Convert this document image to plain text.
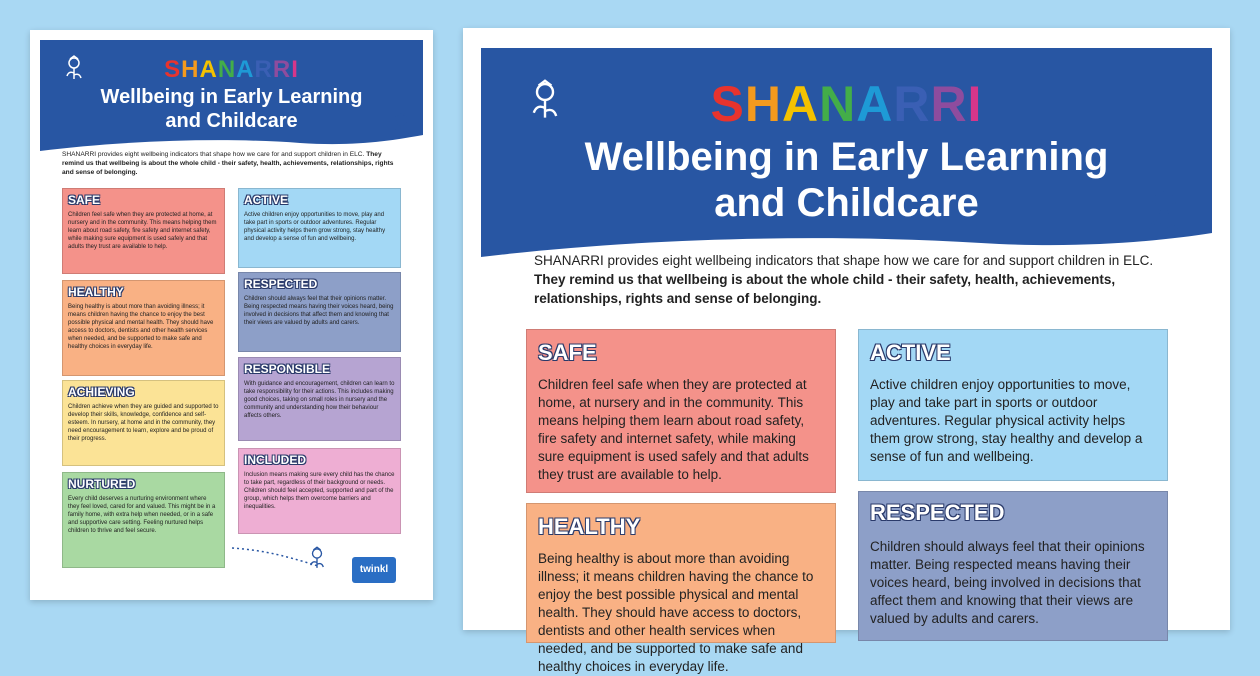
SHANARRI
Wellbeing in Early Learning
and Childcare
SHANARRI provides eight wellbeing indicators that shape how we care for and support children in ELC. They remind us that wellbeing is about the whole child - their safety, health, achievements, relationships, rights and sense of belonging.
SAFE
Children feel safe when they are protected at home, at nursery and in the community. This means helping them learn about road safety, fire safety and internet safety, while making sure equipment is used safely and that adults they trust are available to help.
HEALTHY
Being healthy is about more than avoiding illness; it means children having the chance to enjoy the best possible physical and mental health. They should have access to doctors, dentists and other health services when needed, and be supported to make safe and healthy choices in everyday life.
ACHIEVING
Children achieve when they are guided and supported to develop their skills, knowledge, confidence and self-esteem. In nursery, at home and in the community, they need encouragement to learn, explore and be proud of their progress.
NURTURED
Every child deserves a nurturing environment where they feel loved, cared for and valued. This might be in a family home, with extra help when needed, or in a safe and supportive care setting. Feeling nurtured helps children to thrive and feel secure.
ACTIVE
Active children enjoy opportunities to move, play and take part in sports or outdoor adventures. Regular physical activity helps them grow strong, stay healthy and develop a sense of fun and wellbeing.
RESPECTED
Children should always feel that their opinions matter. Being respected means having their voices heard, being involved in decisions that affect them and knowing that their views are valued by adults and carers.
RESPONSIBLE
With guidance and encouragement, children can learn to take responsibility for their actions. This includes making good choices, taking on small roles in nursery and the community and understanding how their behaviour affects others.
INCLUDED
Inclusion means making sure every child has the chance to take part, regardless of their background or needs. Children should feel accepted, supported and part of the group, which helps them overcome barriers and inequalities.
twinkl
SHANARRI
Wellbeing in Early Learning
and Childcare
SHANARRI provides eight wellbeing indicators that shape how we care for and support children in ELC. They remind us that wellbeing is about the whole child - their safety, health, achievements, relationships, rights and sense of belonging.
SAFE
Children feel safe when they are protected at home, at nursery and in the community. This means helping them learn about road safety, fire safety and internet safety, while making sure equipment is used safely and that adults they trust are available to help.
HEALTHY
Being healthy is about more than avoiding illness; it means children having the chance to enjoy the best possible physical and mental health. They should have access to doctors, dentists and other health services when needed, and be supported to make safe and healthy choices in everyday life.
ACTIVE
Active children enjoy opportunities to move, play and take part in sports or outdoor adventures. Regular physical activity helps them grow strong, stay healthy and develop a sense of fun and wellbeing.
RESPECTED
Children should always feel that their opinions matter. Being respected means having their voices heard, being involved in decisions that affect them and knowing that their views are valued by adults and carers.
